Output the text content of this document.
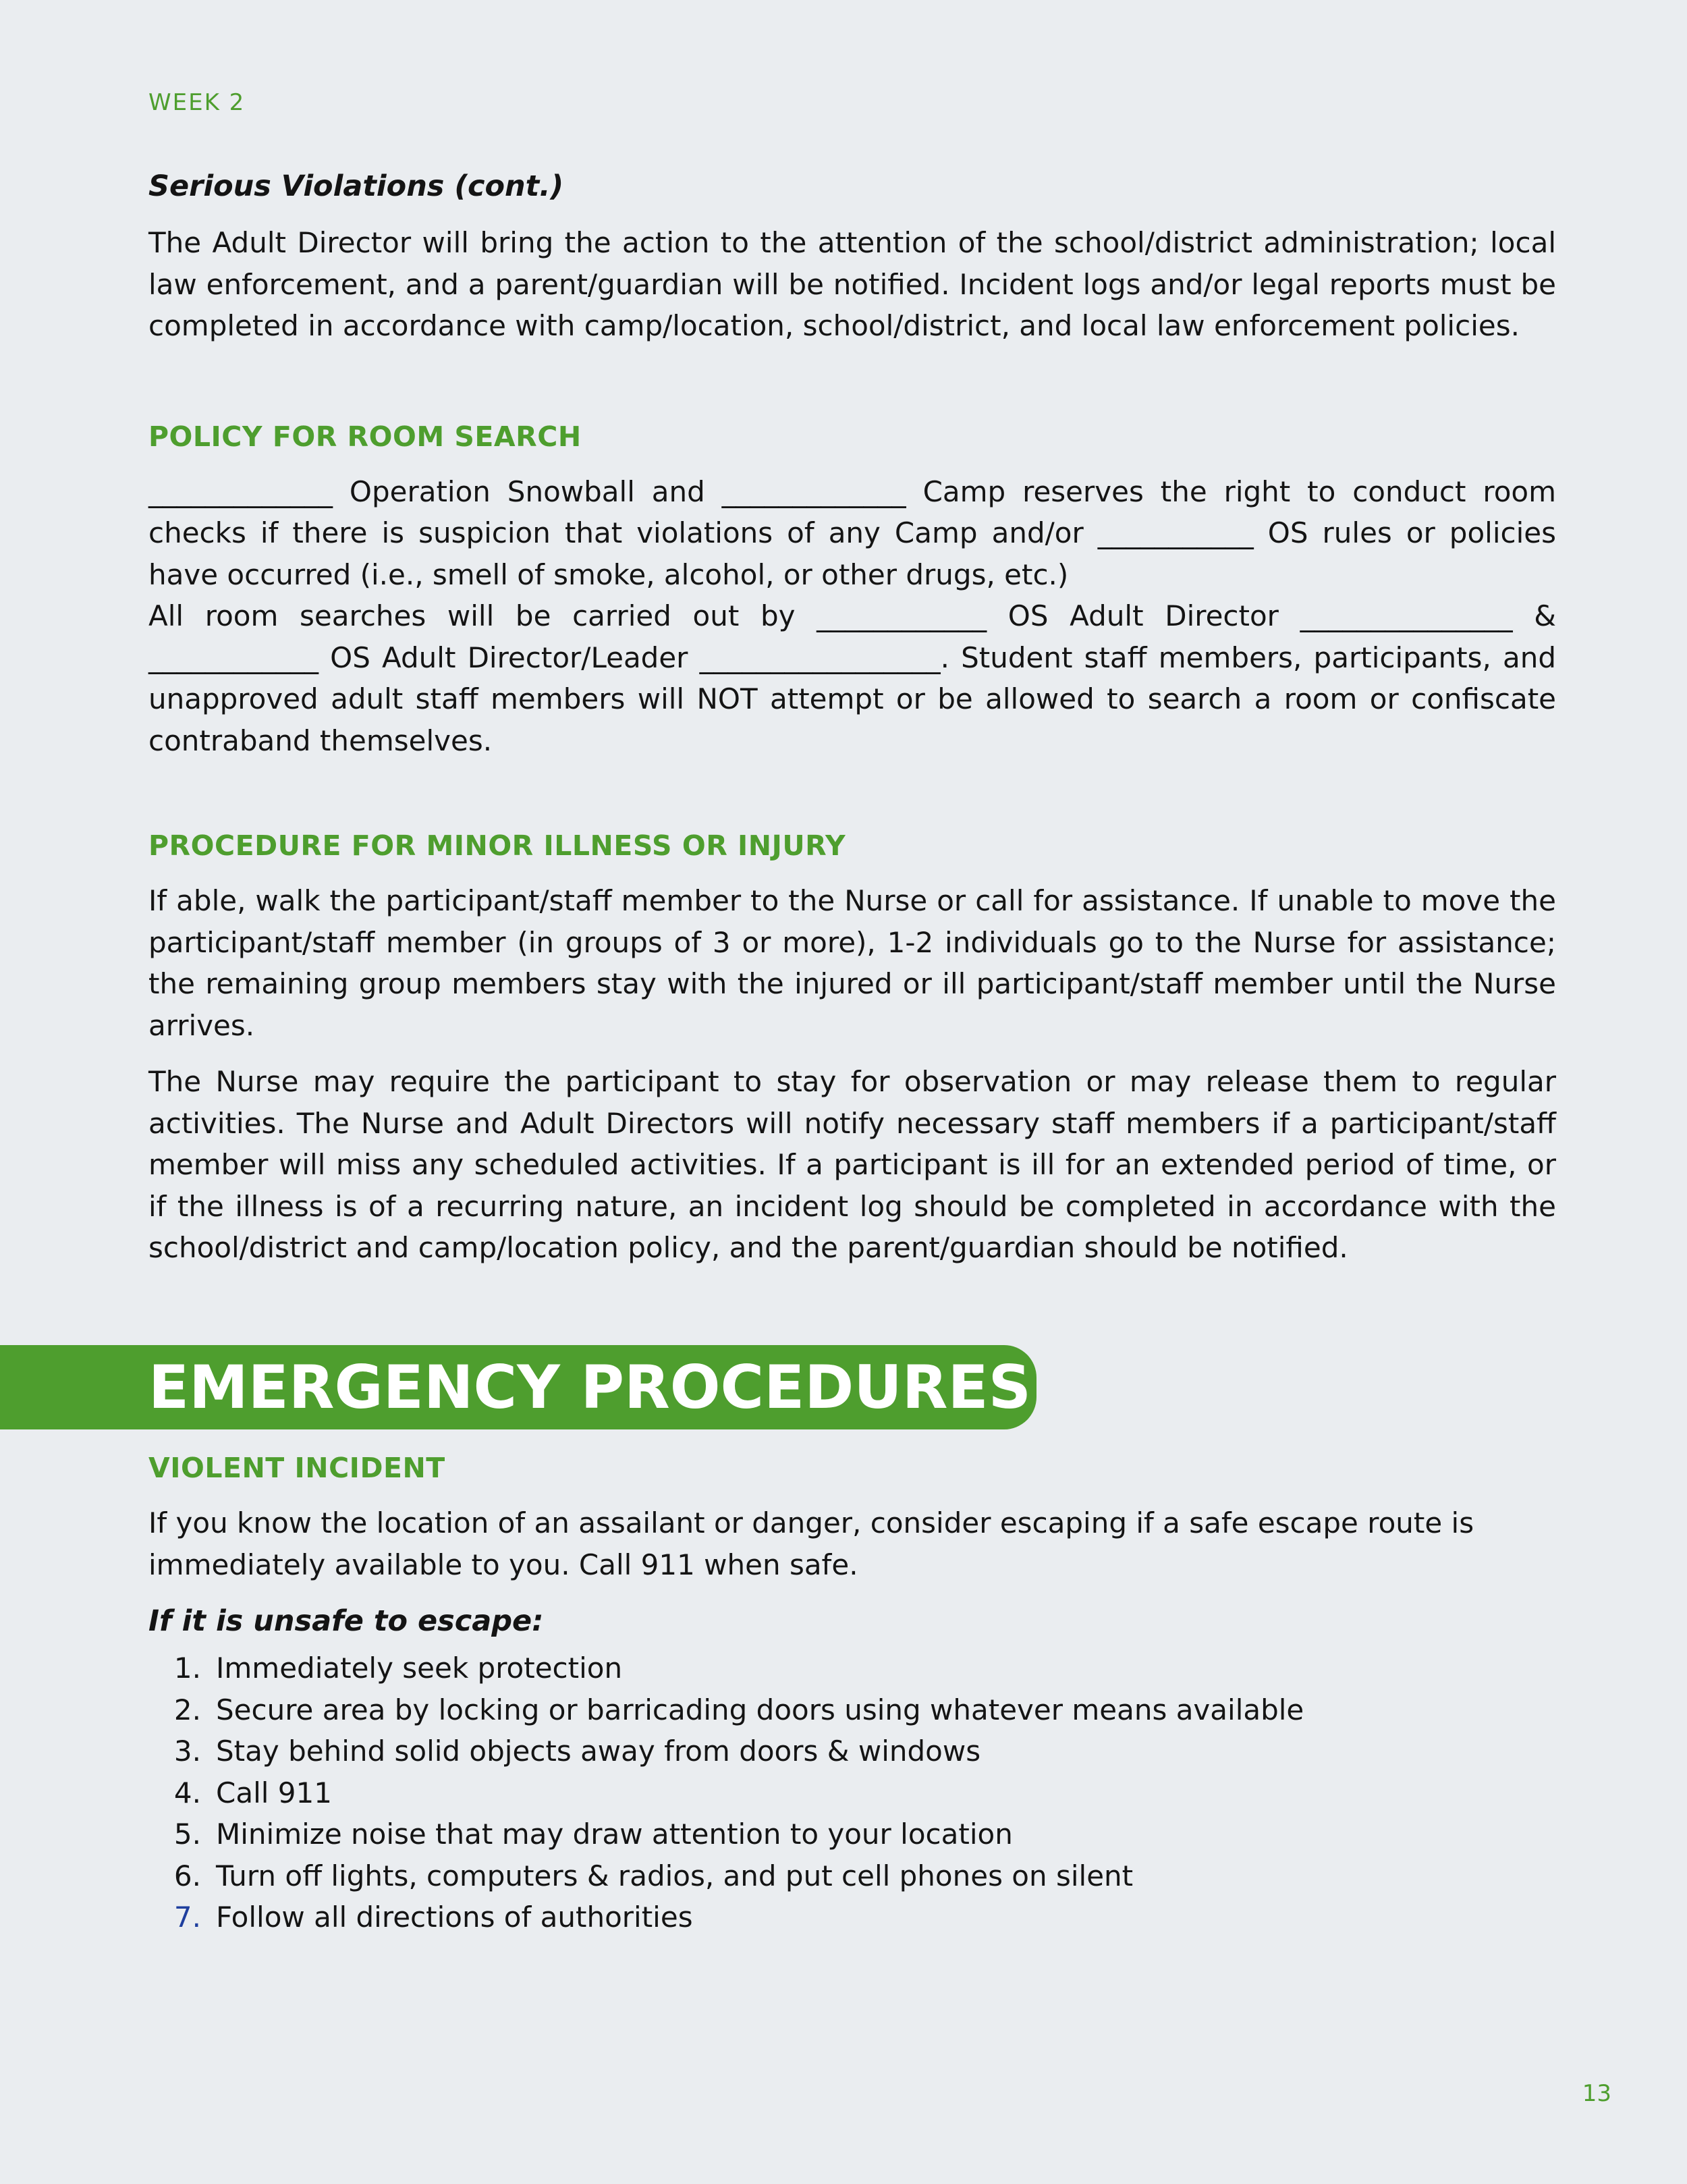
WEEK 2
Serious Violations (cont.)

The Adult Director will bring the action to the attention of the school/district administration; local law enforcement, and a parent/guardian will be notified. Incident logs and/or legal reports must be completed in accordance with camp/location, school/district, and local law enforcement policies.

POLICY FOR ROOM SEARCH

_____________ Operation Snowball and _____________ Camp reserves the right to conduct room checks if there is suspicion that violations of any Camp and/or ___________ OS rules or policies have occurred (i.e., smell of smoke, alcohol, or other drugs, etc.)

All room searches will be carried out by ____________ OS Adult Director _______________ & ____________ OS Adult Director/Leader _________________. Student staff members, participants, and unapproved adult staff members will NOT attempt or be allowed to search a room or confiscate contraband themselves.

PROCEDURE FOR MINOR ILLNESS OR INJURY

If able, walk the participant/staff member to the Nurse or call for assistance. If unable to move the participant/staff member (in groups of 3 or more), 1-2 individuals go to the Nurse for assistance; the remaining group members stay with the injured or ill participant/staff member until the Nurse arrives.

The Nurse may require the participant to stay for observation or may release them to regular activities. The Nurse and Adult Directors will notify necessary staff members if a participant/staff member will miss any scheduled activities. If a participant is ill for an extended period of time, or if the illness is of a recurring nature, an incident log should be completed in accordance with the school/district and camp/location policy, and the parent/guardian should be notified.

EMERGENCY PROCEDURES
VIOLENT INCIDENT

If you know the location of an assailant or danger, consider escaping if a safe escape route is immediately available to you. Call 911 when safe.

If it is unsafe to escape:
1. Immediately seek protection
2. Secure area by locking or barricading doors using whatever means available
3. Stay behind solid objects away from doors & windows
4. Call 911
5. Minimize noise that may draw attention to your location
6. Turn off lights, computers & radios, and put cell phones on silent
7. Follow all directions of authorities
13
